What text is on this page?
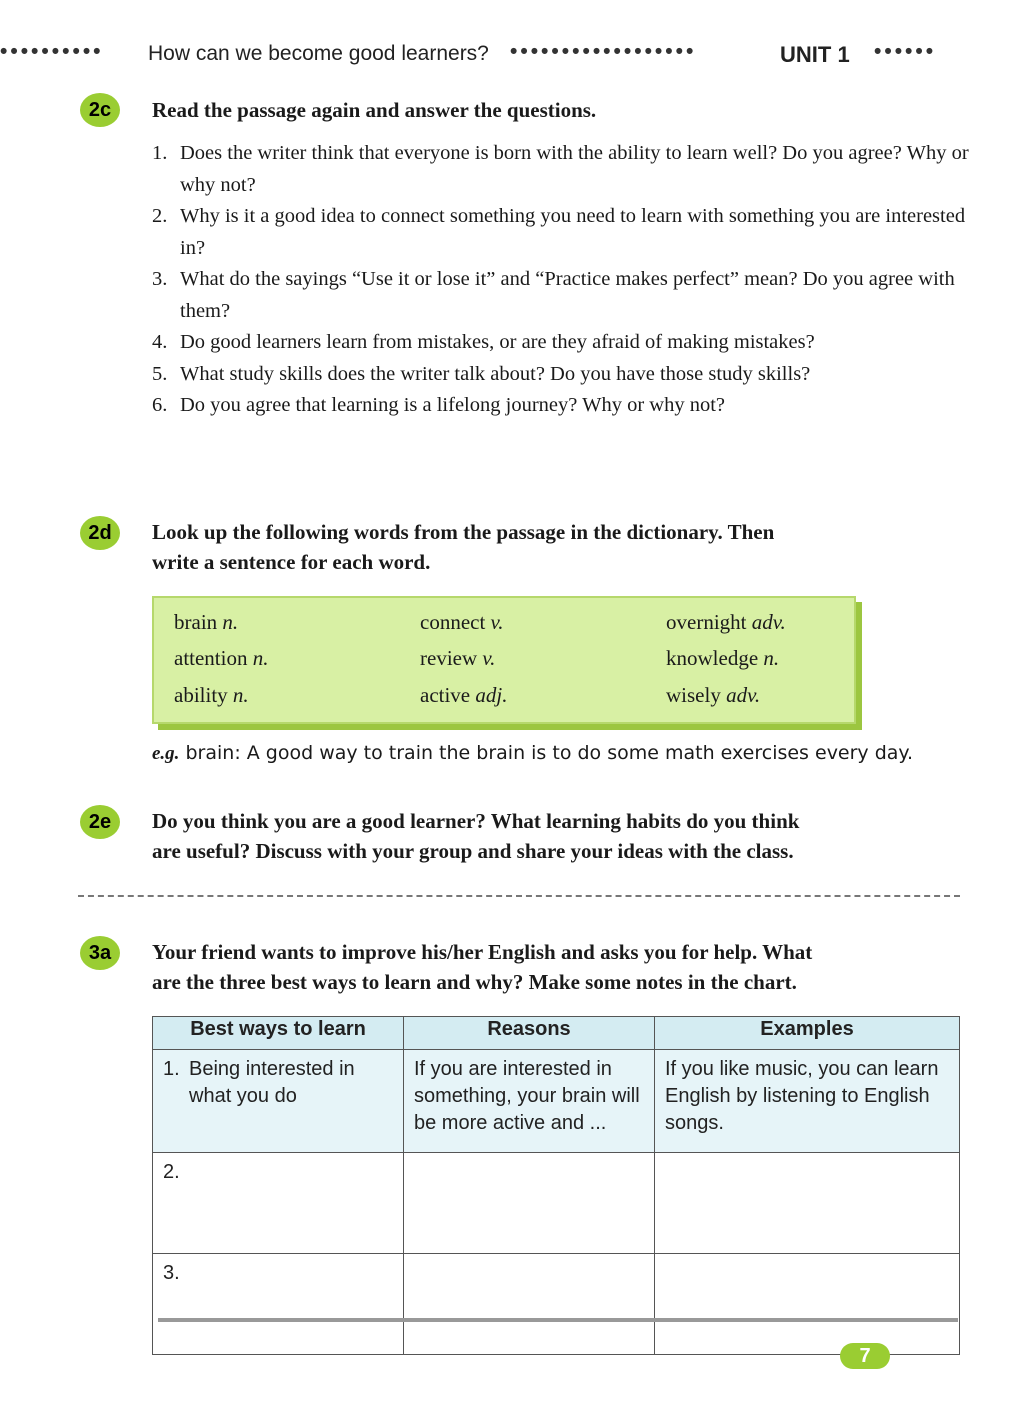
•••••••••• How can we become good learners? ••••••••••••••••••	UNIT 1 ••••••
2c	Read the passage again and answer the questions.
1. Does the writer think that everyone is born with the ability to learn well? Do you agree? Why or why not?
2. Why is it a good idea to connect something you need to learn with something you are interested in?
3. What do the sayings “Use it or lose it” and “Practice makes perfect” mean? Do you agree with them?
4. Do good learners learn from mistakes, or are they afraid of making mistakes?
5. What study skills does the writer talk about? Do you have those study skills?
6. Do you agree that learning is a lifelong journey? Why or why not?
2d	Look up the following words from the passage in the dictionary. Then
write a sentence for each word.
brain n.	connect v.	overnight adv.
attention n.	review v.	knowledge n.
ability n.	active adj.	wisely adv.
e.g. brain: A good way to train the brain is to do some math exercises every day.
2e	Do you think you are a good learner? What learning habits do you think
are useful? Discuss with your group and share your ideas with the class.
3a	Your friend wants to improve his/her English and asks you for help. What
are the three best ways to learn and why? Make some notes in the chart.
Best ways to learn	Reasons	Examples

1. Being interested in what you do	If you are interested in something, your brain will be more active and ...	If you like music, you can learn English by listening to English songs.

2.		

3.		

7
